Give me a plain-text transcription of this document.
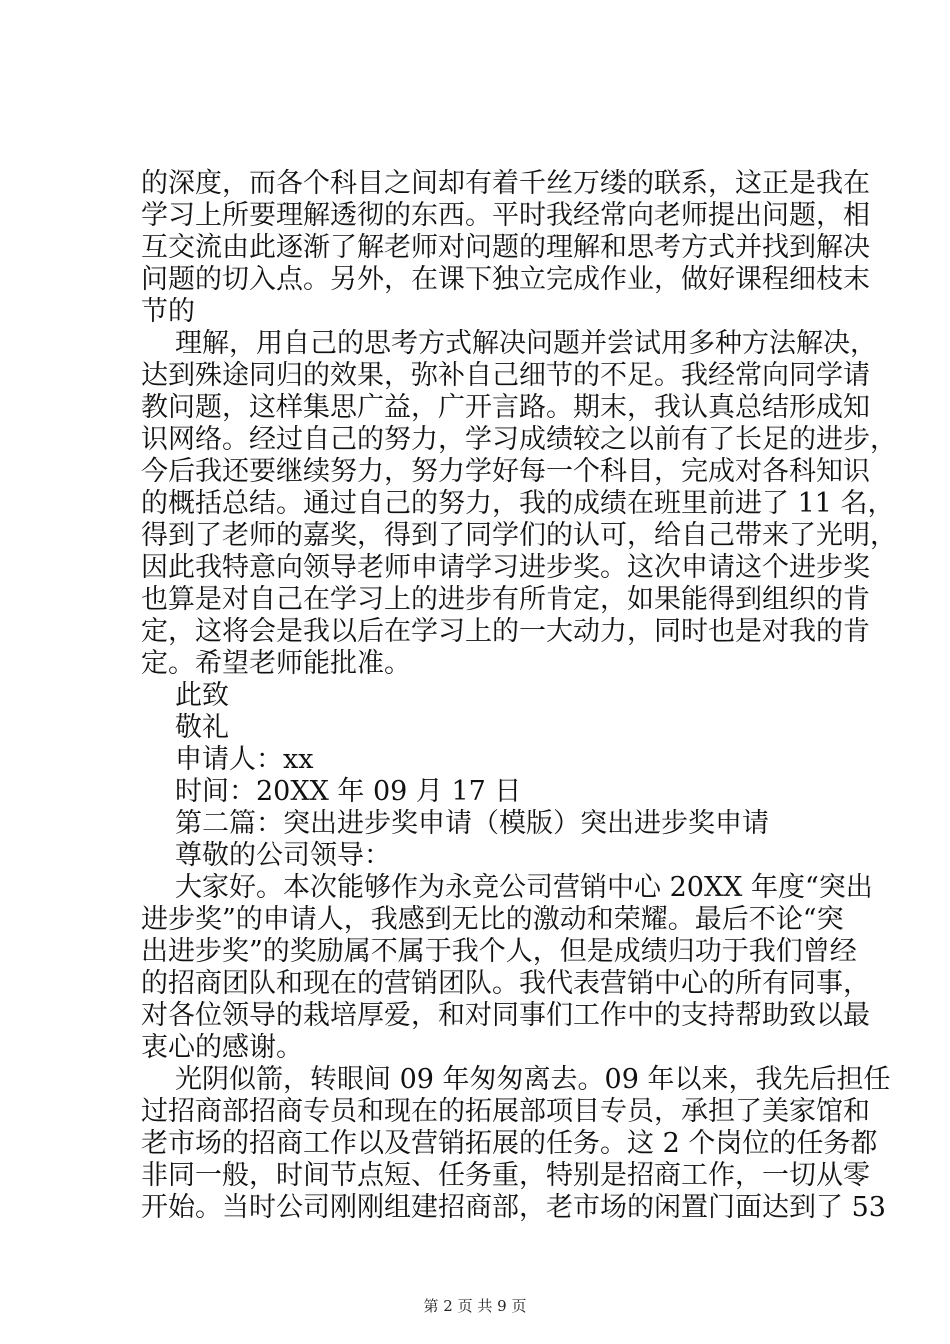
的深度，而各个科目之间却有着千丝万缕的联系，这正是我在
学习上所要理解透彻的东西。平时我经常向老师提出问题，相
互交流由此逐渐了解老师对问题的理解和思考方式并找到解决
问题的切入点。另外，在课下独立完成作业，做好课程细枝末
节的
理解，用自己的思考方式解决问题并尝试用多种方法解决，
达到殊途同归的效果，弥补自己细节的不足。我经常向同学请
教问题，这样集思广益，广开言路。期末，我认真总结形成知
识网络。经过自己的努力，学习成绩较之以前有了长足的进步，
今后我还要继续努力，努力学好每一个科目，完成对各科知识
的概括总结。通过自己的努力，我的成绩在班里前进了 11 名，
得到了老师的嘉奖，得到了同学们的认可，给自己带来了光明，
因此我特意向领导老师申请学习进步奖。这次申请这个进步奖
也算是对自己在学习上的进步有所肯定，如果能得到组织的肯
定，这将会是我以后在学习上的一大动力，同时也是对我的肯
定。希望老师能批准。
此致
敬礼
申请人：xx
时间：20XX 年 09 月 17 日
第二篇：突出进步奖申请（模版）突出进步奖申请
尊敬的公司领导：
大家好。本次能够作为永竞公司营销中心 20XX 年度“突出
进步奖”的申请人，我感到无比的激动和荣耀。最后不论“突
出进步奖”的奖励属不属于我个人，但是成绩归功于我们曾经
的招商团队和现在的营销团队。我代表营销中心的所有同事，
对各位领导的栽培厚爱，和对同事们工作中的支持帮助致以最
衷心的感谢。
光阴似箭，转眼间 09 年匆匆离去。09 年以来，我先后担任
过招商部招商专员和现在的拓展部项目专员，承担了美家馆和
老市场的招商工作以及营销拓展的任务。这 2 个岗位的任务都
非同一般，时间节点短、任务重，特别是招商工作，一切从零
开始。当时公司刚刚组建招商部，老市场的闲置门面达到了 53
第 2 页 共 9 页
